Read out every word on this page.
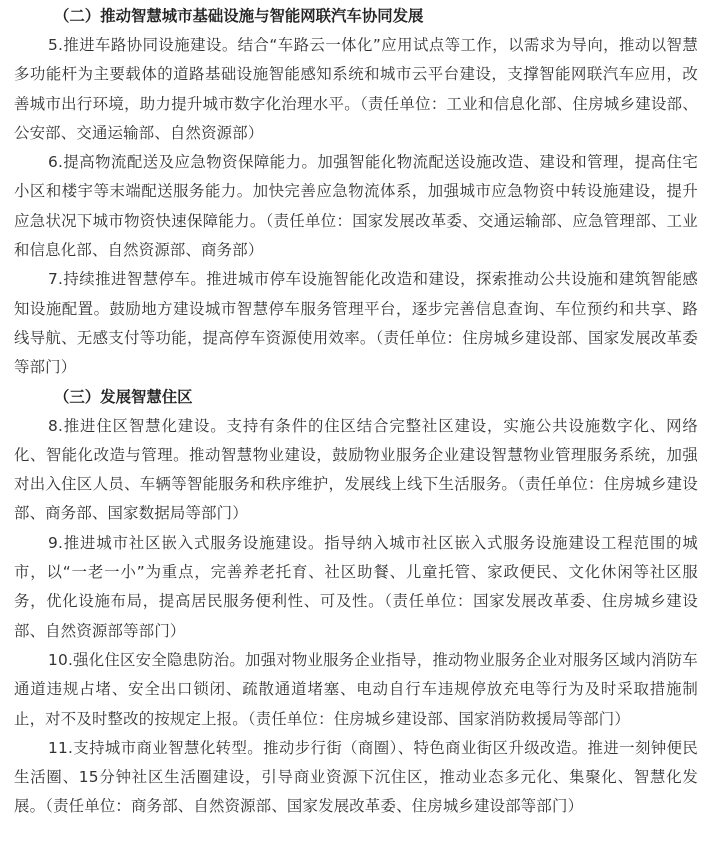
（二）推动智慧城市基础设施与智能网联汽车协同发展

5.推进车路协同设施建设。结合“车路云一体化”应用试点等工作，以需求为导向，推动以智慧多功能杆为主要载体的道路基础设施智能感知系统和城市云平台建设，支撑智能网联汽车应用，改善城市出行环境，助力提升城市数字化治理水平。（责任单位：工业和信息化部、住房城乡建设部、公安部、交通运输部、自然资源部）

6.提高物流配送及应急物资保障能力。加强智能化物流配送设施改造、建设和管理，提高住宅小区和楼宇等末端配送服务能力。加快完善应急物流体系，加强城市应急物资中转设施建设，提升应急状况下城市物资快速保障能力。（责任单位：国家发展改革委、交通运输部、应急管理部、工业和信息化部、自然资源部、商务部）

7.持续推进智慧停车。推进城市停车设施智能化改造和建设，探索推动公共设施和建筑智能感知设施配置。鼓励地方建设城市智慧停车服务管理平台，逐步完善信息查询、车位预约和共享、路线导航、无感支付等功能，提高停车资源使用效率。（责任单位：住房城乡建设部、国家发展改革委等部门）

（三）发展智慧住区

8.推进住区智慧化建设。支持有条件的住区结合完整社区建设，实施公共设施数字化、网络化、智能化改造与管理。推动智慧物业建设，鼓励物业服务企业建设智慧物业管理服务系统，加强对出入住区人员、车辆等智能服务和秩序维护，发展线上线下生活服务。（责任单位：住房城乡建设部、商务部、国家数据局等部门）

9.推进城市社区嵌入式服务设施建设。指导纳入城市社区嵌入式服务设施建设工程范围的城市，以“一老一小”为重点，完善养老托育、社区助餐、儿童托管、家政便民、文化休闲等社区服务，优化设施布局，提高居民服务便利性、可及性。（责任单位：国家发展改革委、住房城乡建设部、自然资源部等部门）

10.强化住区安全隐患防治。加强对物业服务企业指导，推动物业服务企业对服务区域内消防车通道违规占堵、安全出口锁闭、疏散通道堵塞、电动自行车违规停放充电等行为及时采取措施制止，对不及时整改的按规定上报。（责任单位：住房城乡建设部、国家消防救援局等部门）

11.支持城市商业智慧化转型。推动步行街（商圈）、特色商业街区升级改造。推进一刻钟便民生活圈、15分钟社区生活圈建设，引导商业资源下沉住区，推动业态多元化、集聚化、智慧化发展。（责任单位：商务部、自然资源部、国家发展改革委、住房城乡建设部等部门）
